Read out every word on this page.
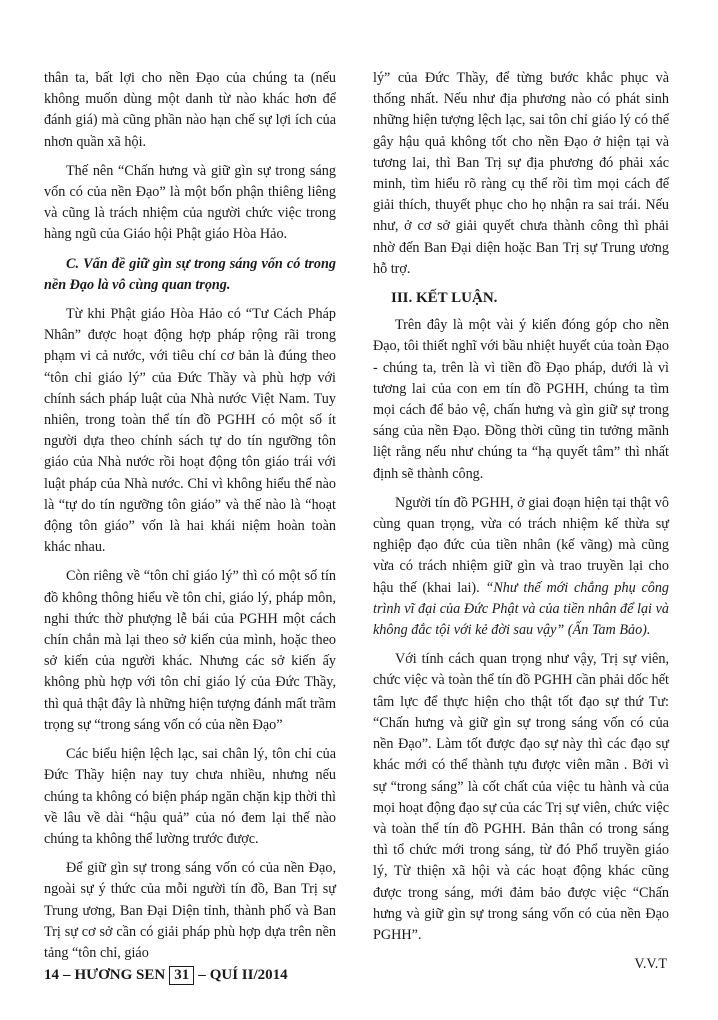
thân ta, bất lợi cho nền Đạo của chúng ta (nếu không muốn dùng một danh từ nào khác hơn để đánh giá) mà cũng phần nào hạn chế sự lợi ích của nhơn quần xã hội.

Thế nên “Chấn hưng và giữ gìn sự trong sáng vốn có của nền Đạo” là một bổn phận thiêng liêng và cũng là trách nhiệm của người chức việc trong hàng ngũ của Giáo hội Phật giáo Hòa Hảo.

C. Vấn đề giữ gìn sự trong sáng vốn có trong nền Đạo là vô cùng quan trọng.

Từ khi Phật giáo Hòa Hảo có “Tư Cách Pháp Nhân” được hoạt động hợp pháp rộng rãi trong phạm vi cả nước, với tiêu chí cơ bản là đúng theo “tôn chỉ giáo lý” của Đức Thầy và phù hợp với chính sách pháp luật của Nhà nước Việt Nam. Tuy nhiên, trong toàn thể tín đồ PGHH có một số ít người dựa theo chính sách tự do tín ngưỡng tôn giáo của Nhà nước rồi hoạt động tôn giáo trái với luật pháp của Nhà nước. Chỉ vì không hiểu thế nào là “tự do tín ngưỡng tôn giáo” và thế nào là “hoạt động tôn giáo” vốn là hai khái niệm hoàn toàn khác nhau.

Còn riêng về “tôn chỉ giáo lý” thì có một số tín đồ không thông hiểu về tôn chỉ, giáo lý, pháp môn, nghi thức thờ phượng lễ bái của PGHH một cách chín chắn mà lại theo sở kiến của mình, hoặc theo sở kiến của người khác. Nhưng các sở kiến ấy không phù hợp với tôn chỉ giáo lý của Đức Thầy, thì quả thật đây là những hiện tượng đánh mất trầm trọng sự “trong sáng vốn có của nền Đạo”

Các biểu hiện lệch lạc, sai chân lý, tôn chỉ của Đức Thầy hiện nay tuy chưa nhiều, nhưng nếu chúng ta không có biện pháp ngăn chặn kịp thời thì về lâu về dài “hậu quả” của nó đem lại thế nào chúng ta không thể lường trước được.

Để giữ gìn sự trong sáng vốn có của nền Đạo, ngoài sự ý thức của mỗi người tín đồ, Ban Trị sự Trung ương, Ban Đại Diện tỉnh, thành phố và Ban Trị sự cơ sở cần có giải pháp phù hợp dựa trên nền tảng “tôn chỉ, giáo

lý” của Đức Thầy, để từng bước khắc phục và thống nhất. Nếu như địa phương nào có phát sinh những hiện tượng lệch lạc, sai tôn chỉ giáo lý có thể gây hậu quả không tốt cho nền Đạo ở hiện tại và tương lai, thì Ban Trị sự địa phương đó phải xác minh, tìm hiểu rõ ràng cụ thể rồi tìm mọi cách để giải thích, thuyết phục cho họ nhận ra sai trái. Nếu như, ở cơ sở giải quyết chưa thành công thì phải nhờ đến Ban Đại diện hoặc Ban Trị sự Trung ương hỗ trợ.

III. KẾT LUẬN.

Trên đây là một vài ý kiến đóng góp cho nền Đạo, tôi thiết nghĩ với bầu nhiệt huyết của toàn Đạo - chúng ta, trên là vì tiền đồ Đạo pháp, dưới là vì tương lai của con em tín đồ PGHH, chúng ta tìm mọi cách để bảo vệ, chấn hưng và gìn giữ sự trong sáng của nền Đạo. Đồng thời cũng tin tưởng mãnh liệt rằng nếu như chúng ta “hạ quyết tâm” thì nhất định sẽ thành công.

Người tín đồ PGHH, ở giai đoạn hiện tại thật vô cùng quan trọng, vừa có trách nhiệm kế thừa sự nghiệp đạo đức của tiền nhân (kế vãng) mà cũng vừa có trách nhiệm giữ gìn và trao truyền lại cho hậu thế (khai lai). “Như thế mới chẳng phụ công trình vĩ đại của Đức Phật và của tiền nhân để lại và không đắc tội với kẻ đời sau vậy” (Ấn Tam Bảo).

Với tính cách quan trọng như vậy, Trị sự viên, chức việc và toàn thể tín đồ PGHH cần phải dốc hết tâm lực để thực hiện cho thật tốt đạo sự thứ Tư: “Chấn hưng và giữ gìn sự trong sáng vốn có của nền Đạo”. Làm tốt được đạo sự này thì các đạo sự khác mới có thể thành tựu được viên mãn . Bởi vì sự “trong sáng” là cốt chất của việc tu hành và của mọi hoạt động đạo sự của các Trị sự viên, chức việc và toàn thể tín đồ PGHH. Bản thân có trong sáng thì tổ chức mới trong sáng, từ đó Phổ truyền giáo lý, Từ thiện xã hội và các hoạt động khác cũng được trong sáng, mới đảm bảo được việc “Chấn hưng và giữ gìn sự trong sáng vốn có của nền Đạo PGHH”.

V.V.T

14 – HƯƠNG SEN 31 – QUÍ II/2014
